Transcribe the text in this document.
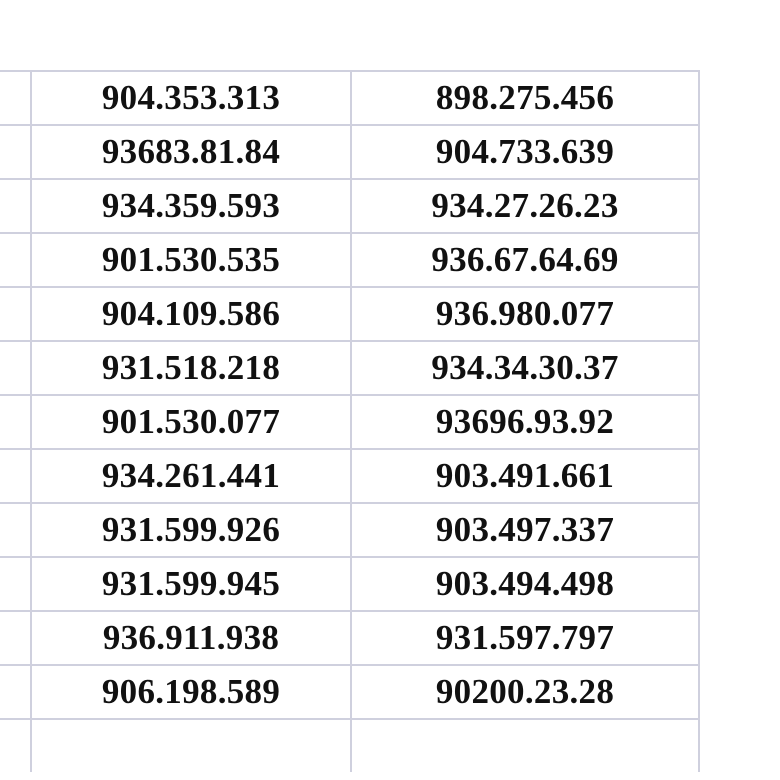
	904.353.313	898.275.456
	93683.81.84	904.733.639
	934.359.593	934.27.26.23
	901.530.535	936.67.64.69
	904.109.586	936.980.077
	931.518.218	934.34.30.37
	901.530.077	93696.93.92
	934.261.441	903.491.661
	931.599.926	903.497.337
	931.599.945	903.494.498
	936.911.938	931.597.797
	906.198.589	90200.23.28
